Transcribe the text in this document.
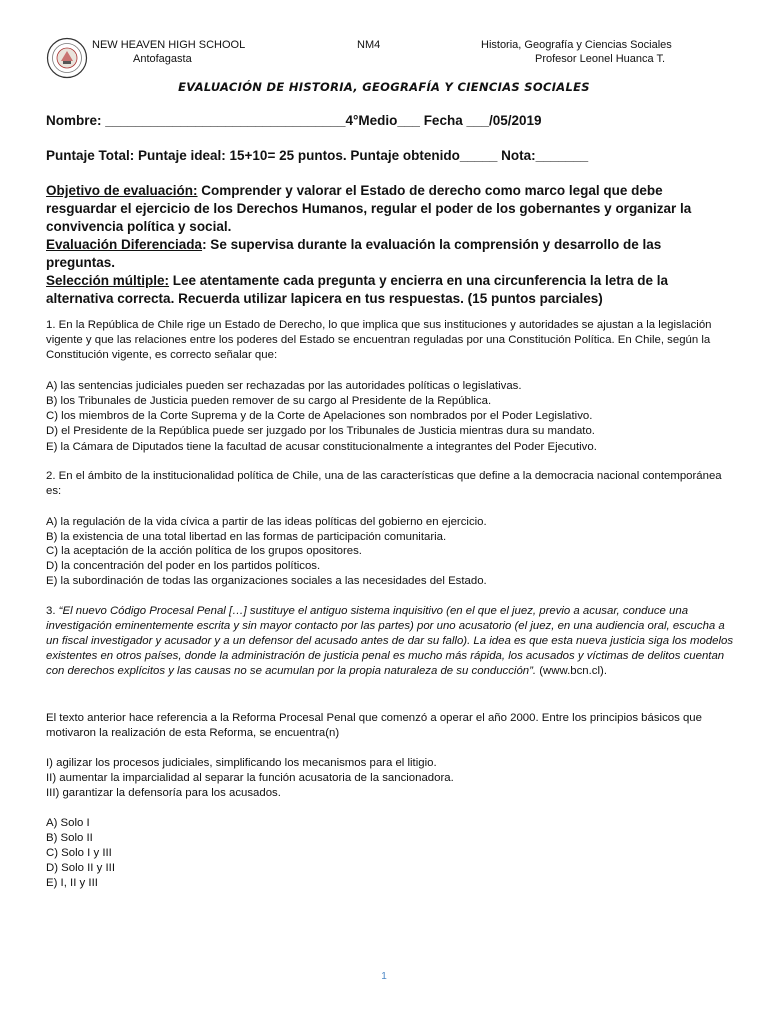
NEW HEAVEN HIGH SCHOOL
Antofagasta
NM4	Historia, Geografía y Ciencias Sociales
Profesor Leonel Huanca T.
EVALUACIÓN DE HISTORIA, GEOGRAFÍA Y CIENCIAS SOCIALES
Nombre: ________________________________4°Medio___ Fecha ___/05/2019
Puntaje Total: Puntaje ideal: 15+10= 25 puntos. Puntaje obtenido_____ Nota:_______
Objetivo de evaluación: Comprender y valorar el Estado de derecho como marco legal que debe resguardar el ejercicio de los Derechos Humanos, regular el poder de los gobernantes y organizar la convivencia política y social.
Evaluación Diferenciada: Se supervisa durante la evaluación la comprensión y desarrollo de las preguntas.
Selección múltiple: Lee atentamente cada pregunta y encierra en una circunferencia la letra de la alternativa correcta. Recuerda utilizar lapicera en tus respuestas. (15 puntos parciales)
1. En la República de Chile rige un Estado de Derecho, lo que implica que sus instituciones y autoridades se ajustan a la legislación vigente y que las relaciones entre los poderes del Estado se encuentran reguladas por una Constitución Política. En Chile, según la Constitución vigente, es correcto señalar que:
A) las sentencias judiciales pueden ser rechazadas por las autoridades políticas o legislativas.
B) los Tribunales de Justicia pueden remover de su cargo al Presidente de la República.
C) los miembros de la Corte Suprema y de la Corte de Apelaciones son nombrados por el Poder Legislativo.
D) el Presidente de la República puede ser juzgado por los Tribunales de Justicia mientras dura su mandato.
E) la Cámara de Diputados tiene la facultad de acusar constitucionalmente a integrantes del Poder Ejecutivo.
2. En el ámbito de la institucionalidad política de Chile, una de las características que define a la democracia nacional contemporánea es:
A) la regulación de la vida cívica a partir de las ideas políticas del gobierno en ejercicio.
B) la existencia de una total libertad en las formas de participación comunitaria.
C) la aceptación de la acción política de los grupos opositores.
D) la concentración del poder en los partidos políticos.
E) la subordinación de todas las organizaciones sociales a las necesidades del Estado.
3. “El nuevo Código Procesal Penal […] sustituye el antiguo sistema inquisitivo (en el que el juez, previo a acusar, conduce una investigación eminentemente escrita y sin mayor contacto por las partes) por uno acusatorio (el juez, en una audiencia oral, escucha a un fiscal investigador y acusador y a un defensor del acusado antes de dar su fallo). La idea es que esta nueva justicia siga los modelos existentes en otros países, donde la administración de justicia penal es mucho más rápida, los acusados y víctimas de delitos cuentan con derechos explícitos y las causas no se acumulan por la propia naturaleza de su conducción”. (www.bcn.cl).
El texto anterior hace referencia a la Reforma Procesal Penal que comenzó a operar el año 2000. Entre los principios básicos que motivaron la realización de esta Reforma, se encuentra(n)
I) agilizar los procesos judiciales, simplificando los mecanismos para el litigio.
II) aumentar la imparcialidad al separar la función acusatoria de la sancionadora.
III) garantizar la defensoría para los acusados.
A) Solo I
B) Solo II
C) Solo I y III
D) Solo II y III
E) I, II y III
1
